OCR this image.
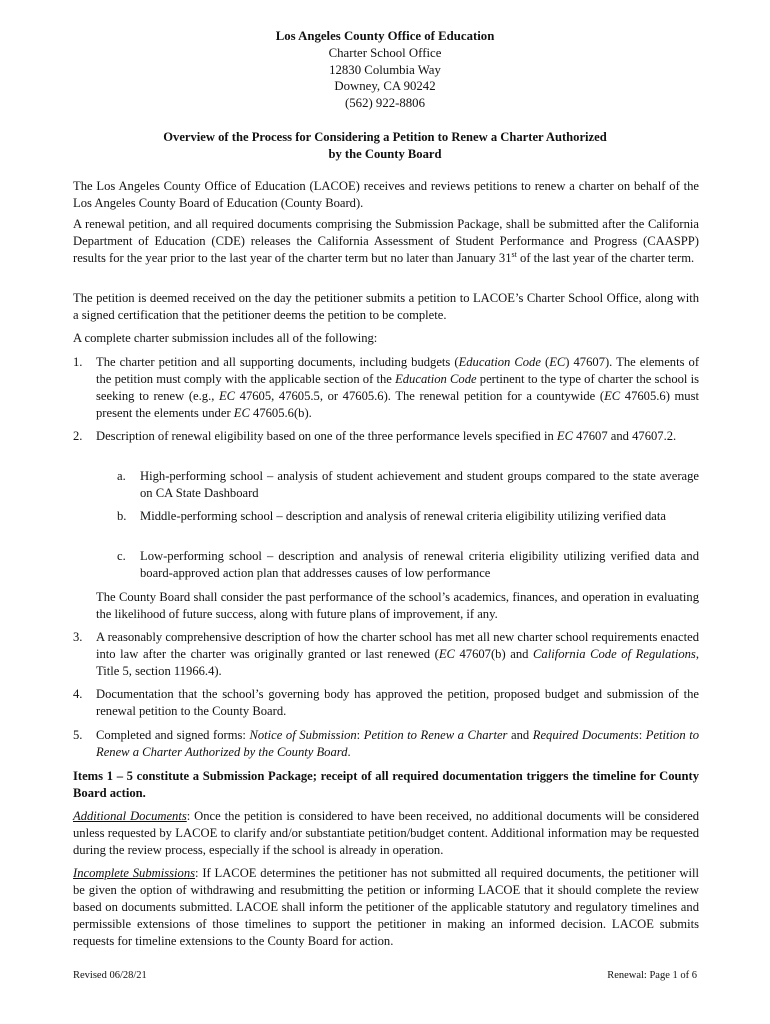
Los Angeles County Office of Education
Charter School Office
12830 Columbia Way
Downey, CA 90242
(562) 922-8806
Overview of the Process for Considering a Petition to Renew a Charter Authorized
by the County Board
The Los Angeles County Office of Education (LACOE) receives and reviews petitions to renew a charter on behalf of the Los Angeles County Board of Education (County Board).
A renewal petition, and all required documents comprising the Submission Package, shall be submitted after the California Department of Education (CDE) releases the California Assessment of Student Performance and Progress (CAASPP) results for the year prior to the last year of the charter term but no later than January 31st of the last year of the charter term.
The petition is deemed received on the day the petitioner submits a petition to LACOE’s Charter School Office, along with a signed certification that the petitioner deems the petition to be complete.
A complete charter submission includes all of the following:
1.	The charter petition and all supporting documents, including budgets (Education Code (EC) 47607). The elements of the petition must comply with the applicable section of the Education Code pertinent to the type of charter the school is seeking to renew (e.g., EC 47605, 47605.5, or 47605.6). The renewal petition for a countywide (EC 47605.6) must present the elements under EC 47605.6(b).
2.	Description of renewal eligibility based on one of the three performance levels specified in EC 47607 and 47607.2.
a.	High-performing school – analysis of student achievement and student groups compared to the state average on CA State Dashboard
b.	Middle-performing school – description and analysis of renewal criteria eligibility utilizing verified data
c.	Low-performing school – description and analysis of renewal criteria eligibility utilizing verified data and board-approved action plan that addresses causes of low performance
The County Board shall consider the past performance of the school’s academics, finances, and operation in evaluating the likelihood of future success, along with future plans of improvement, if any.
3.	A reasonably comprehensive description of how the charter school has met all new charter school requirements enacted into law after the charter was originally granted or last renewed (EC 47607(b) and California Code of Regulations, Title 5, section 11966.4).
4.	Documentation that the school’s governing body has approved the petition, proposed budget and submission of the renewal petition to the County Board.
5.	Completed and signed forms: Notice of Submission: Petition to Renew a Charter and Required Documents: Petition to Renew a Charter Authorized by the County Board.
Items 1 – 5 constitute a Submission Package; receipt of all required documentation triggers the timeline for County Board action.
Additional Documents: Once the petition is considered to have been received, no additional documents will be considered unless requested by LACOE to clarify and/or substantiate petition/budget content. Additional information may be requested during the review process, especially if the school is already in operation.
Incomplete Submissions: If LACOE determines the petitioner has not submitted all required documents, the petitioner will be given the option of withdrawing and resubmitting the petition or informing LACOE that it should complete the review based on documents submitted. LACOE shall inform the petitioner of the applicable statutory and regulatory timelines and permissible extensions of those timelines to support the petitioner in making an informed decision. LACOE submits requests for timeline extensions to the County Board for action.
Revised 06/28/21	Renewal: Page 1 of 6
